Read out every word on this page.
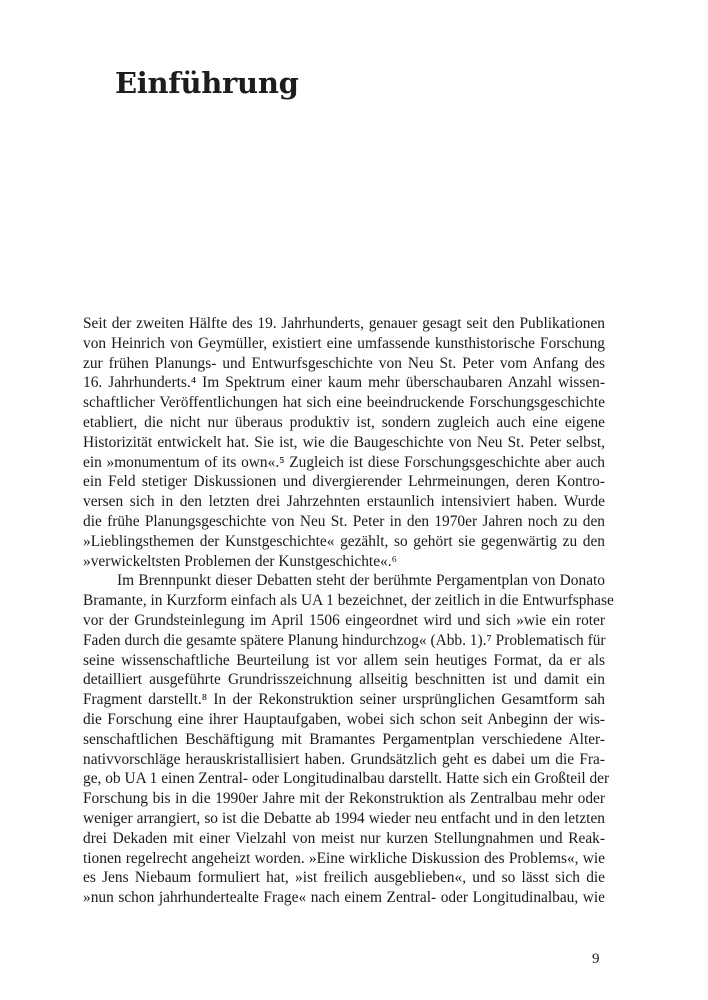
Einführung
Seit der zweiten Hälfte des 19. Jahrhunderts, genauer gesagt seit den Publikationen
von Heinrich von Geymüller, existiert eine umfassende kunsthistorische Forschung
zur frühen Planungs- und Entwurfsgeschichte von Neu St. Peter vom Anfang des
16. Jahrhunderts.⁴ Im Spektrum einer kaum mehr überschaubaren Anzahl wissen-
schaftlicher Veröffentlichungen hat sich eine beeindruckende Forschungsgeschichte
etabliert, die nicht nur überaus produktiv ist, sondern zugleich auch eine eigene
Historizität entwickelt hat. Sie ist, wie die Baugeschichte von Neu St. Peter selbst,
ein »monumentum of its own«.⁵ Zugleich ist diese Forschungsgeschichte aber auch
ein Feld stetiger Diskussionen und divergierender Lehrmeinungen, deren Kontro-
versen sich in den letzten drei Jahrzehnten erstaunlich intensiviert haben. Wurde
die frühe Planungsgeschichte von Neu St. Peter in den 1970er Jahren noch zu den
»Lieblingsthemen der Kunstgeschichte« gezählt, so gehört sie gegenwärtig zu den
»verwickeltsten Problemen der Kunstgeschichte«.⁶
Im Brennpunkt dieser Debatten steht der berühmte Pergamentplan von Donato
Bramante, in Kurzform einfach als UA 1 bezeichnet, der zeitlich in die Entwurfsphase
vor der Grundsteinlegung im April 1506 eingeordnet wird und sich »wie ein roter
Faden durch die gesamte spätere Planung hindurchzog« (Abb. 1).⁷ Problematisch für
seine wissenschaftliche Beurteilung ist vor allem sein heutiges Format, da er als
detailliert ausgeführte Grundrisszeichnung allseitig beschnitten ist und damit ein
Fragment darstellt.⁸ In der Rekonstruktion seiner ursprünglichen Gesamtform sah
die Forschung eine ihrer Hauptaufgaben, wobei sich schon seit Anbeginn der wis-
senschaftlichen Beschäftigung mit Bramantes Pergamentplan verschiedene Alter-
nativvorschläge herauskristallisiert haben. Grundsätzlich geht es dabei um die Fra-
ge, ob UA 1 einen Zentral- oder Longitudinalbau darstellt. Hatte sich ein Großteil der
Forschung bis in die 1990er Jahre mit der Rekonstruktion als Zentralbau mehr oder
weniger arrangiert, so ist die Debatte ab 1994 wieder neu entfacht und in den letzten
drei Dekaden mit einer Vielzahl von meist nur kurzen Stellungnahmen und Reak-
tionen regelrecht angeheizt worden. »Eine wirkliche Diskussion des Problems«, wie
es Jens Niebaum formuliert hat, »ist freilich ausgeblieben«, und so lässt sich die
»nun schon jahrhundertealte Frage« nach einem Zentral- oder Longitudinalbau, wie
9
